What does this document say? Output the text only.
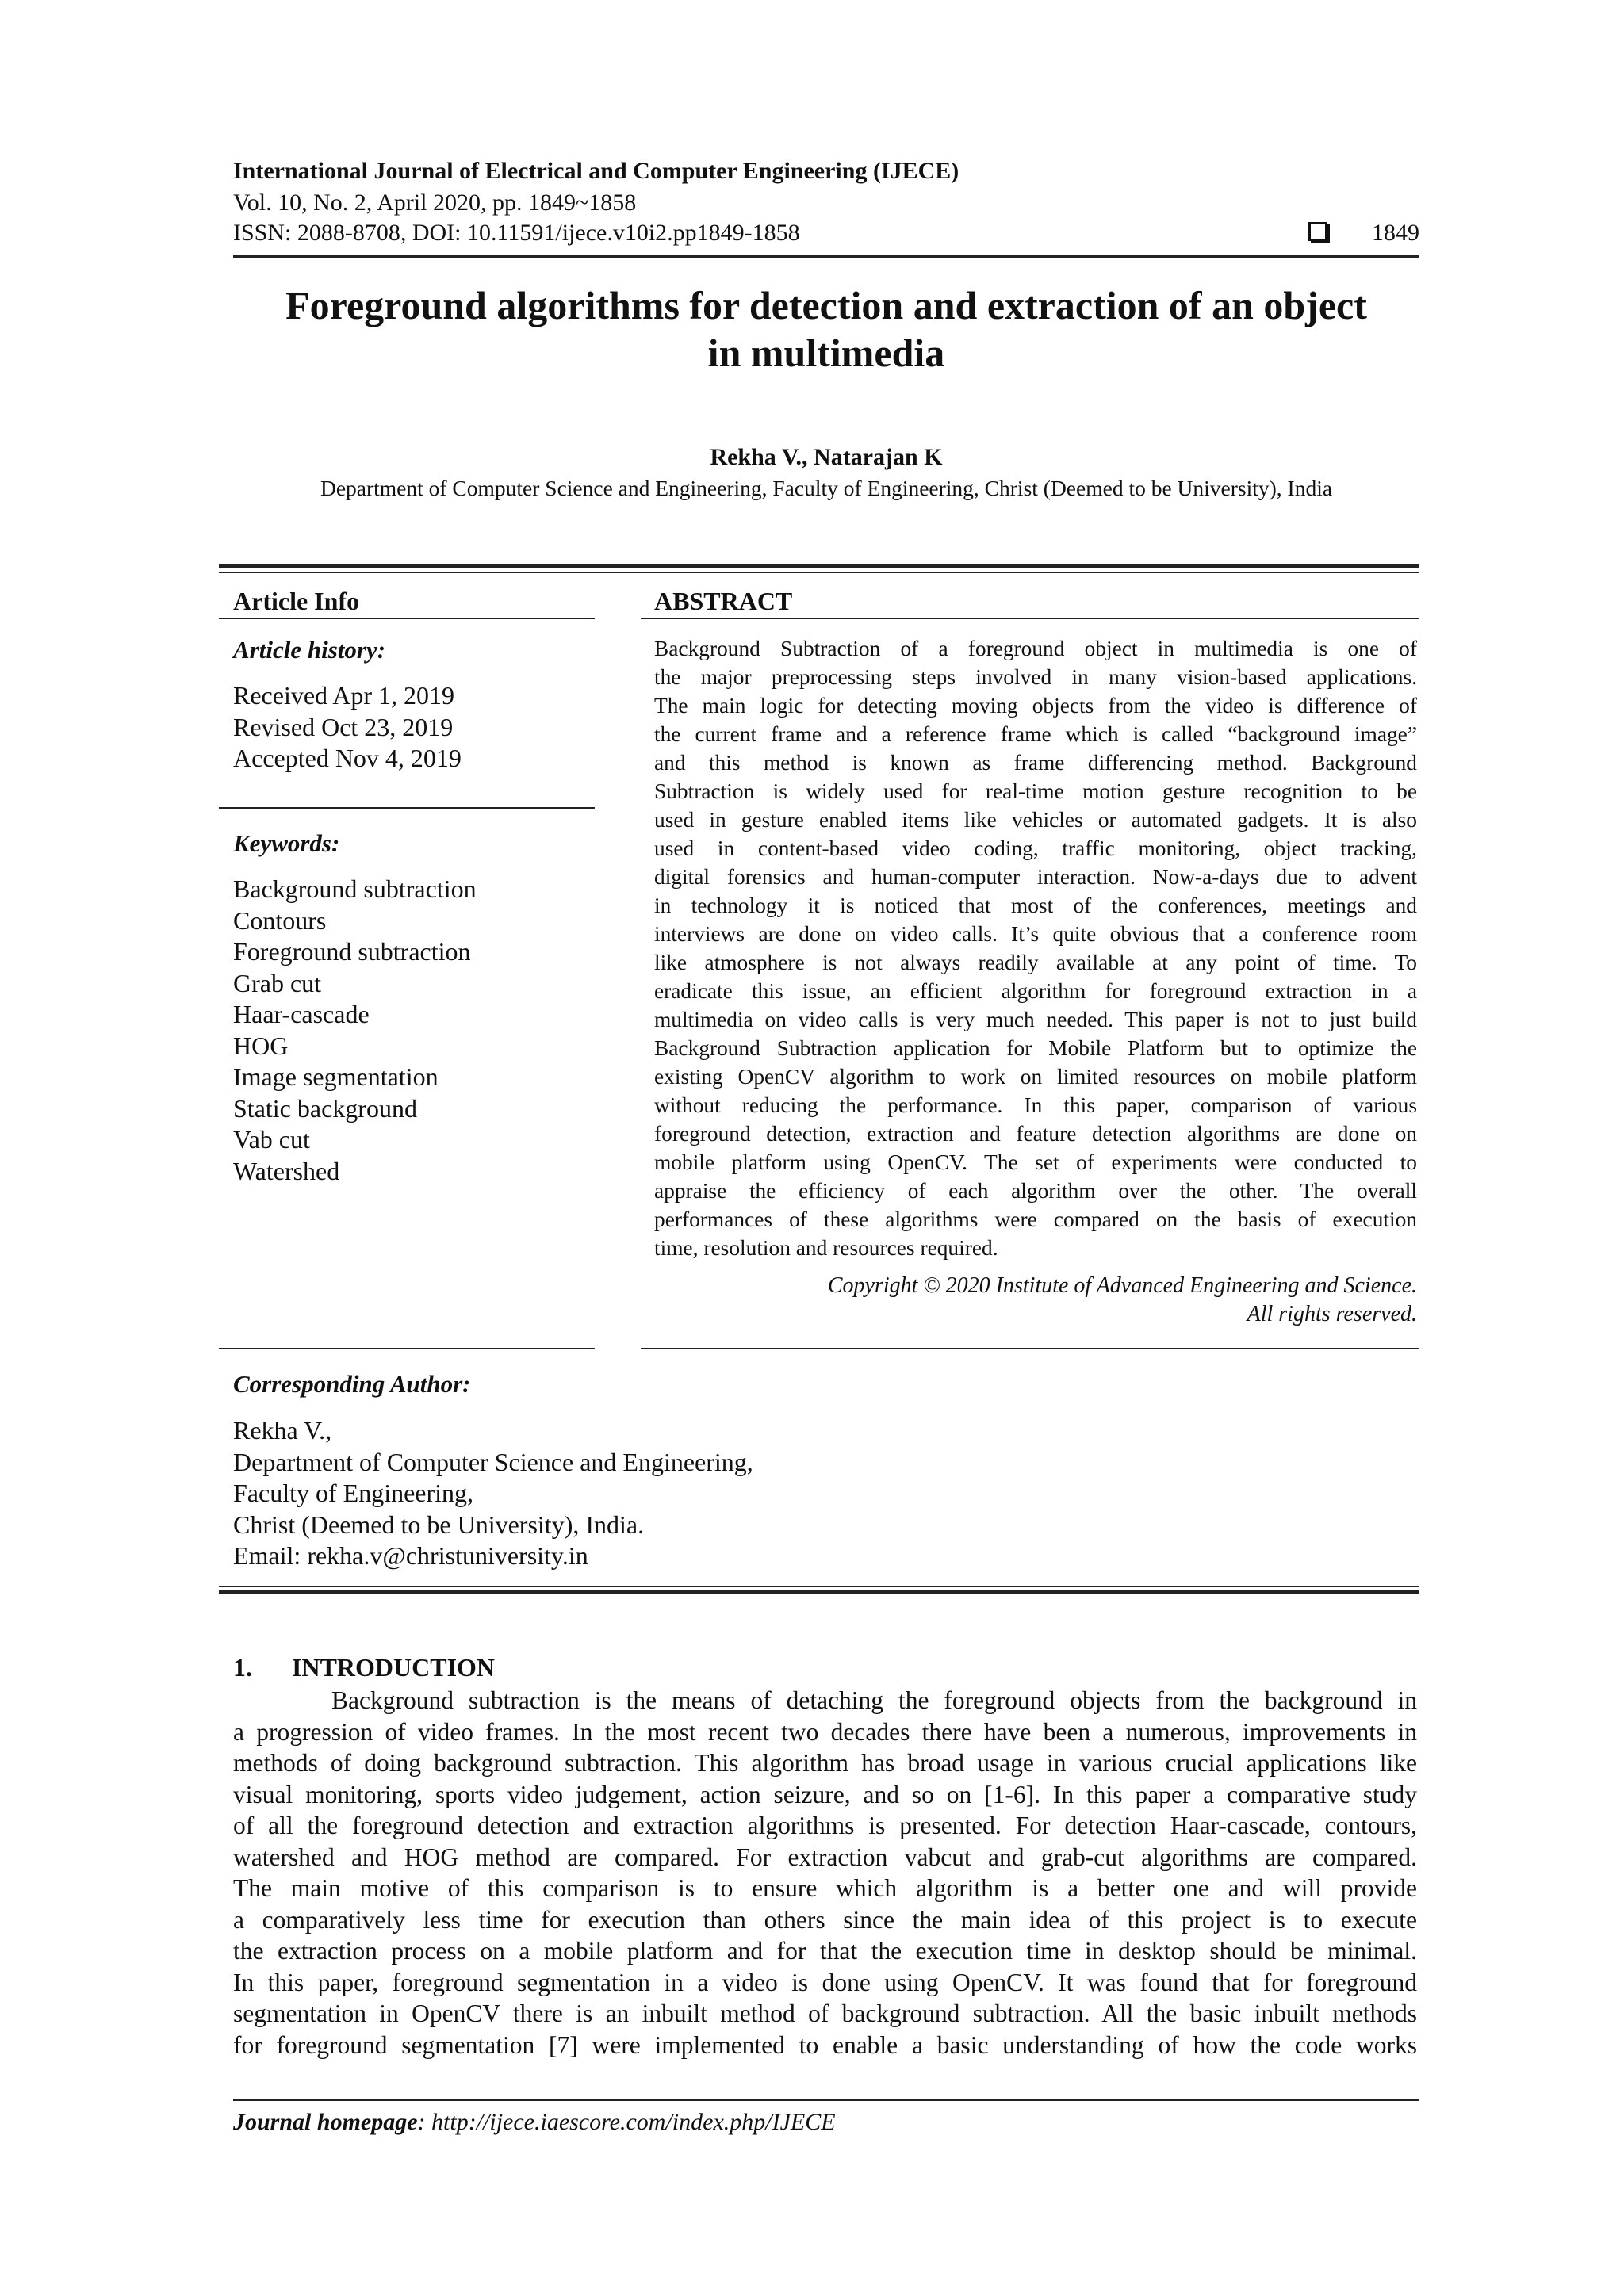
International Journal of Electrical and Computer Engineering (IJECE)
Vol. 10, No. 2, April 2020, pp. 1849~1858
ISSN: 2088-8708, DOI: 10.11591/ijece.v10i2.pp1849-1858	1849
Foreground algorithms for detection and extraction of an object
in multimedia
Rekha V., Natarajan K
Department of Computer Science and Engineering, Faculty of Engineering, Christ (Deemed to be University), India
Article Info
Article history:
Received Apr 1, 2019
Revised Oct 23, 2019
Accepted Nov 4, 2019
Keywords:
Background subtraction
Contours
Foreground subtraction
Grab cut
Haar-cascade
HOG
Image segmentation
Static background
Vab cut
Watershed
ABSTRACT
Background Subtraction of a foreground object in multimedia is one of
the major preprocessing steps involved in many vision-based applications.
The main logic for detecting moving objects from the video is difference of
the current frame and a reference frame which is called “background image”
and this method is known as frame differencing method. Background
Subtraction is widely used for real-time motion gesture recognition to be
used in gesture enabled items like vehicles or automated gadgets. It is also
used in content-based video coding, traffic monitoring, object tracking,
digital forensics and human-computer interaction. Now-a-days due to advent
in technology it is noticed that most of the conferences, meetings and
interviews are done on video calls. It’s quite obvious that a conference room
like atmosphere is not always readily available at any point of time. To
eradicate this issue, an efficient algorithm for foreground extraction in a
multimedia on video calls is very much needed. This paper is not to just build
Background Subtraction application for Mobile Platform but to optimize the
existing OpenCV algorithm to work on limited resources on mobile platform
without reducing the performance. In this paper, comparison of various
foreground detection, extraction and feature detection algorithms are done on
mobile platform using OpenCV. The set of experiments were conducted to
appraise the efficiency of each algorithm over the other. The overall
performances of these algorithms were compared on the basis of execution
time, resolution and resources required.
Copyright © 2020 Institute of Advanced Engineering and Science.
All rights reserved.
Corresponding Author:
Rekha V.,
Department of Computer Science and Engineering,
Faculty of Engineering,
Christ (Deemed to be University), India.
Email: rekha.v@christuniversity.in
1. INTRODUCTION
Background subtraction is the means of detaching the foreground objects from the background in
a progression of video frames. In the most recent two decades there have been a numerous, improvements in
methods of doing background subtraction. This algorithm has broad usage in various crucial applications like
visual monitoring, sports video judgement, action seizure, and so on [1-6]. In this paper a comparative study
of all the foreground detection and extraction algorithms is presented. For detection Haar-cascade, contours,
watershed and HOG method are compared. For extraction vabcut and grab-cut algorithms are compared.
The main motive of this comparison is to ensure which algorithm is a better one and will provide
a comparatively less time for execution than others since the main idea of this project is to execute
the extraction process on a mobile platform and for that the execution time in desktop should be minimal.
In this paper, foreground segmentation in a video is done using OpenCV. It was found that for foreground
segmentation in OpenCV there is an inbuilt method of background subtraction. All the basic inbuilt methods
for foreground segmentation [7] were implemented to enable a basic understanding of how the code works
Journal homepage: http://ijece.iaescore.com/index.php/IJECE
